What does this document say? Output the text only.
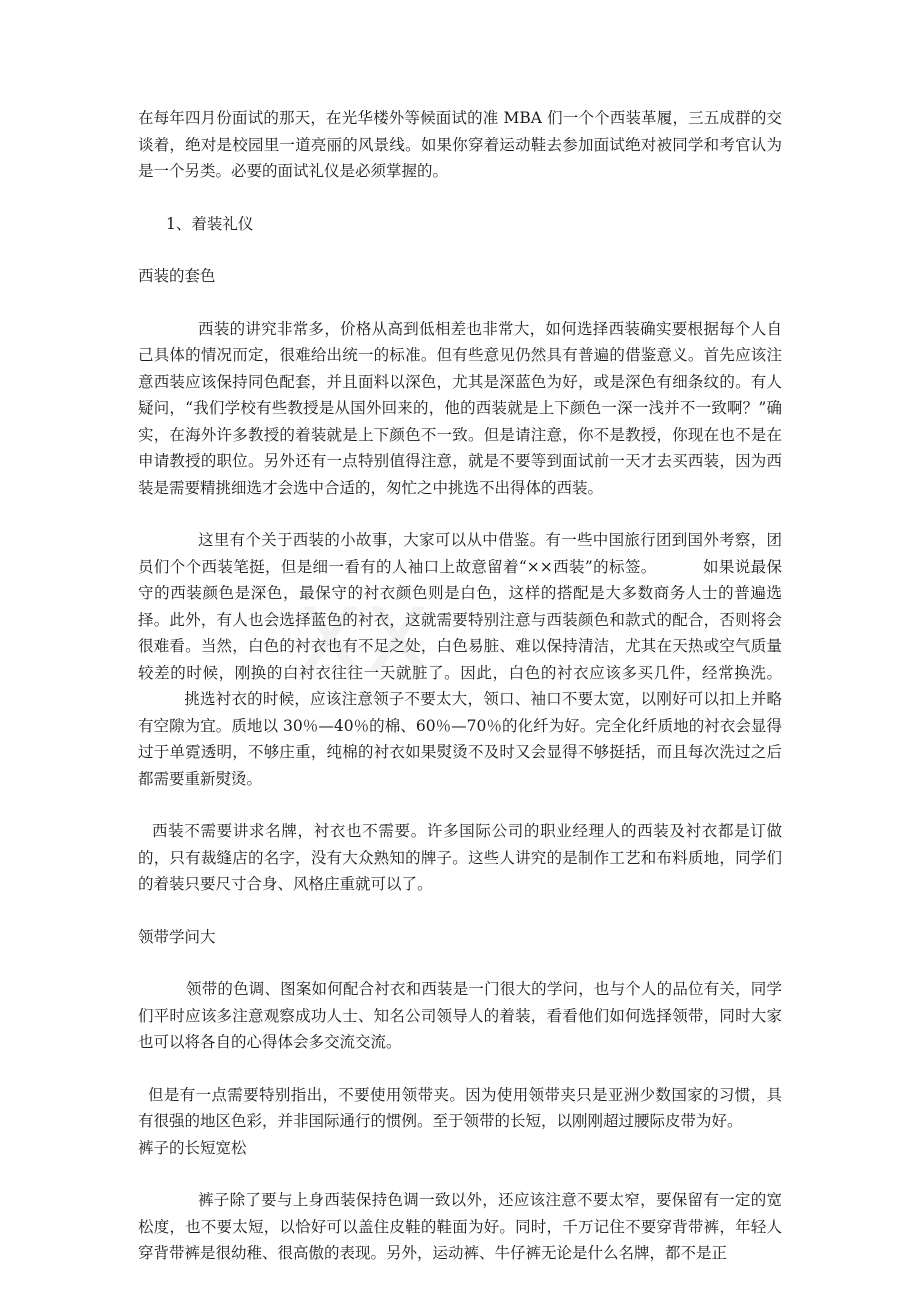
xx

在每年四月份面试的那天，在光华楼外等候面试的准 MBA 们一个个西装革履，三五成群的交谈着，绝对是校园里一道亮丽的风景线。如果你穿着运动鞋去参加面试绝对被同学和考官认为是一个另类。必要的面试礼仪是必须掌握的。

1、着装礼仪

西装的套色

西装的讲究非常多，价格从高到低相差也非常大，如何选择西装确实要根据每个人自己具体的情况而定，很难给出统一的标准。但有些意见仍然具有普遍的借鉴意义。首先应该注意西装应该保持同色配套，并且面料以深色，尤其是深蓝色为好，或是深色有细条纹的。有人疑问，“我们学校有些教授是从国外回来的，他的西装就是上下颜色一深一浅并不一致啊？”确实，在海外许多教授的着装就是上下颜色不一致。但是请注意，你不是教授，你现在也不是在申请教授的职位。另外还有一点特别值得注意，就是不要等到面试前一天才去买西装，因为西装是需要精挑细选才会选中合适的，匆忙之中挑选不出得体的西装。

这里有个关于西装的小故事，大家可以从中借鉴。有一些中国旅行团到国外考察，团员们个个西装笔挺，但是细一看有的人袖口上故意留着“××西装”的标签。	如果说最保守的西装颜色是深色，最保守的衬衣颜色则是白色，这样的搭配是大多数商务人士的普遍选择。此外，有人也会选择蓝色的衬衣，这就需要特别注意与西装颜色和款式的配合，否则将会很难看。当然，白色的衬衣也有不足之处，白色易脏、难以保持清洁，尤其在天热或空气质量较差的时候，刚换的白衬衣往往一天就脏了。因此，白色的衬衣应该多买几件，经常换洗。挑选衬衣的时候，应该注意领子不要太大，领口、袖口不要太宽，以刚好可以扣上并略有空隙为宜。质地以 30％—40％的棉、60％—70％的化纤为好。完全化纤质地的衬衣会显得过于单霓透明，不够庄重，纯棉的衬衣如果熨烫不及时又会显得不够挺括，而且每次洗过之后都需要重新熨烫。

西装不需要讲求名牌，衬衣也不需要。许多国际公司的职业经理人的西装及衬衣都是订做的，只有裁缝店的名字，没有大众熟知的牌子。这些人讲究的是制作工艺和布料质地，同学们的着装只要尺寸合身、风格庄重就可以了。

领带学问大

领带的色调、图案如何配合衬衣和西装是一门很大的学问，也与个人的品位有关，同学们平时应该多注意观察成功人士、知名公司领导人的着装，看看他们如何选择领带，同时大家也可以将各自的心得体会多交流交流。

但是有一点需要特别指出，不要使用领带夹。因为使用领带夹只是亚洲少数国家的习惯，具有很强的地区色彩，并非国际通行的惯例。至于领带的长短，以刚刚超过腰际皮带为好。

裤子的长短宽松

裤子除了要与上身西装保持色调一致以外，还应该注意不要太窄，要保留有一定的宽松度，也不要太短，以恰好可以盖住皮鞋的鞋面为好。同时，千万记住不要穿背带裤，年轻人穿背带裤是很幼稚、很高傲的表现。另外，运动裤、牛仔裤无论是什么名牌，都不是正
